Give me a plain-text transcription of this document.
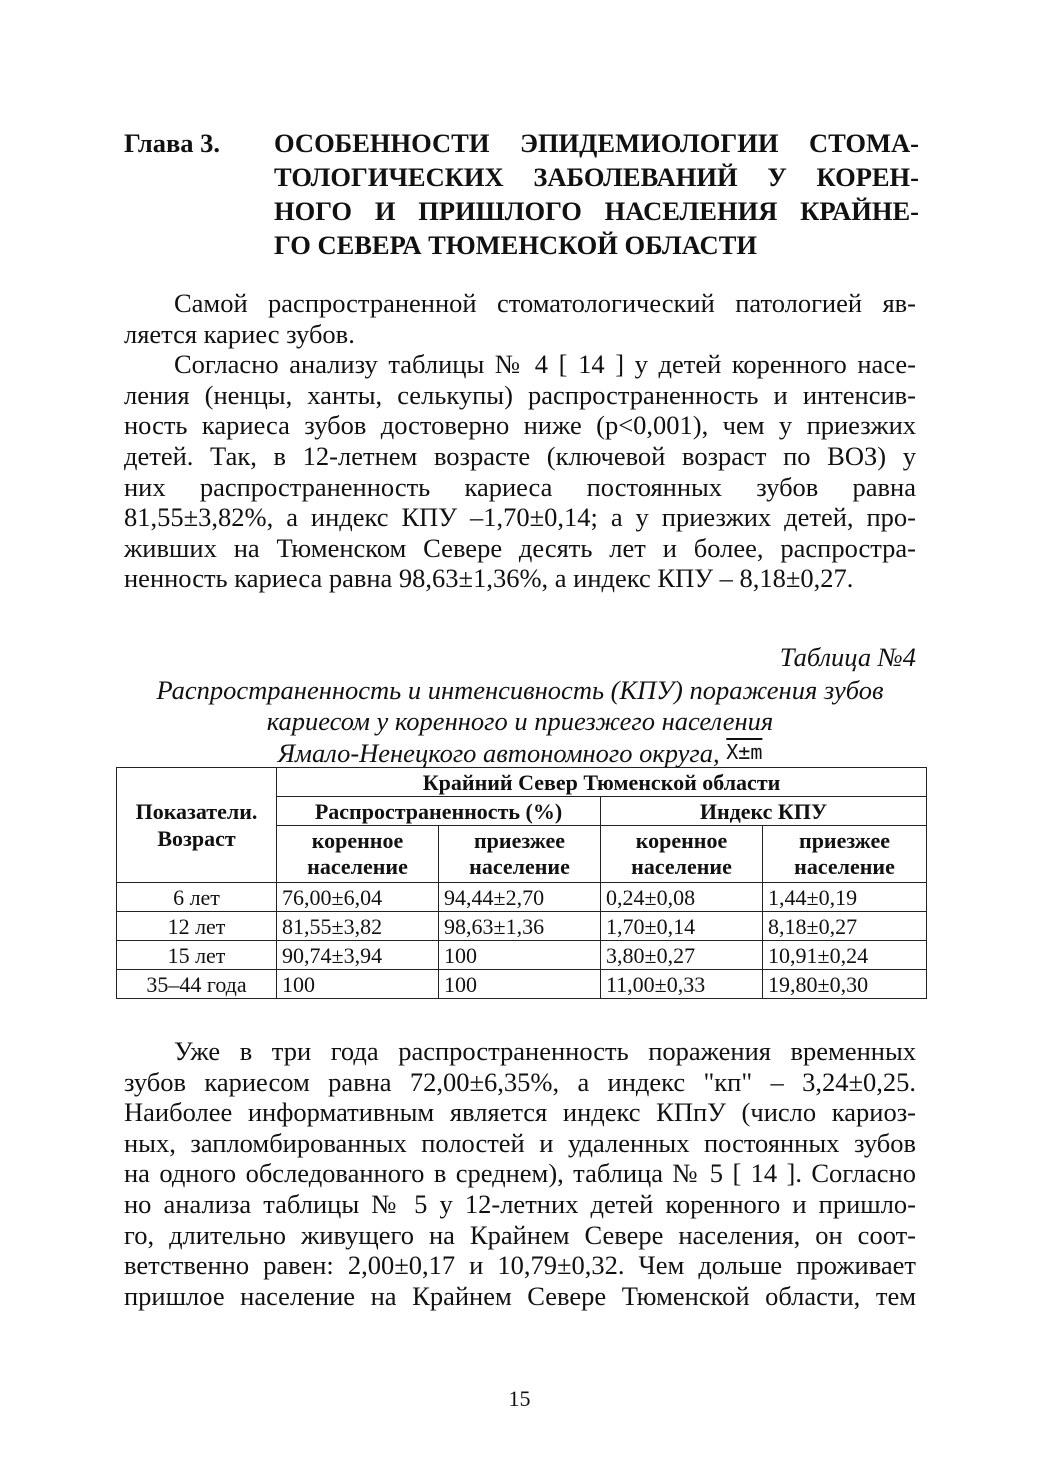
Глава 3. ОСОБЕННОСТИ ЭПИДЕМИОЛОГИИ СТОМА-
ТОЛОГИЧЕСКИХ ЗАБОЛЕВАНИЙ У КОРЕН-
НОГО И ПРИШЛОГО НАСЕЛЕНИЯ КРАЙНЕ-
ГО СЕВЕРА ТЮМЕНСКОЙ ОБЛАСТИ
Самой распространенной стоматологический патологией яв-
ляется кариес зубов.
Согласно анализу таблицы № 4 [ 14 ] у детей коренного насе-
ления (ненцы, ханты, селькупы) распространенность и интенсив-
ность кариеса зубов достоверно ниже (р<0,001), чем у приезжих
детей. Так, в 12-летнем возрасте (ключевой возраст по ВОЗ) у
них распространенность кариеса постоянных зубов равна
81,55±3,82%, а индекс КПУ –1,70±0,14; а у приезжих детей, про-
живших на Тюменском Севере десять лет и более, распростра-
ненность кариеса равна 98,63±1,36%, а индекс КПУ – 8,18±0,27.
Таблица №4
Распространенность и интенсивность (КПУ) поражения зубов
кариесом у коренного и приезжего населения
Ямало-Ненецкого автономного округа, X±m
Показатели.
Возраст	Крайний Север Тюменской области			
	Распространенность (%)		Индекс КПУ	
	коренное население	приезжее население	коренное население	приезжее население
6 лет	76,00±6,04	94,44±2,70	0,24±0,08	1,44±0,19
12 лет	81,55±3,82	98,63±1,36	1,70±0,14	8,18±0,27
15 лет	90,74±3,94	100	3,80±0,27	10,91±0,24
35–44 года	100	100	11,00±0,33	19,80±0,30
Уже в три года распространенность поражения временных
зубов кариесом равна 72,00±6,35%, а индекс "кп" – 3,24±0,25.
Наиболее информативным является индекс КПпУ (число кариоз-
ных, запломбированных полостей и удаленных постоянных зубов
на одного обследованного в среднем), таблица № 5 [ 14 ]. Согласно
но анализа таблицы № 5 у 12-летних детей коренного и пришло-
го, длительно живущего на Крайнем Севере населения, он соот-
ветственно равен: 2,00±0,17 и 10,79±0,32. Чем дольше проживает
пришлое население на Крайнем Севере Тюменской области, тем
15
